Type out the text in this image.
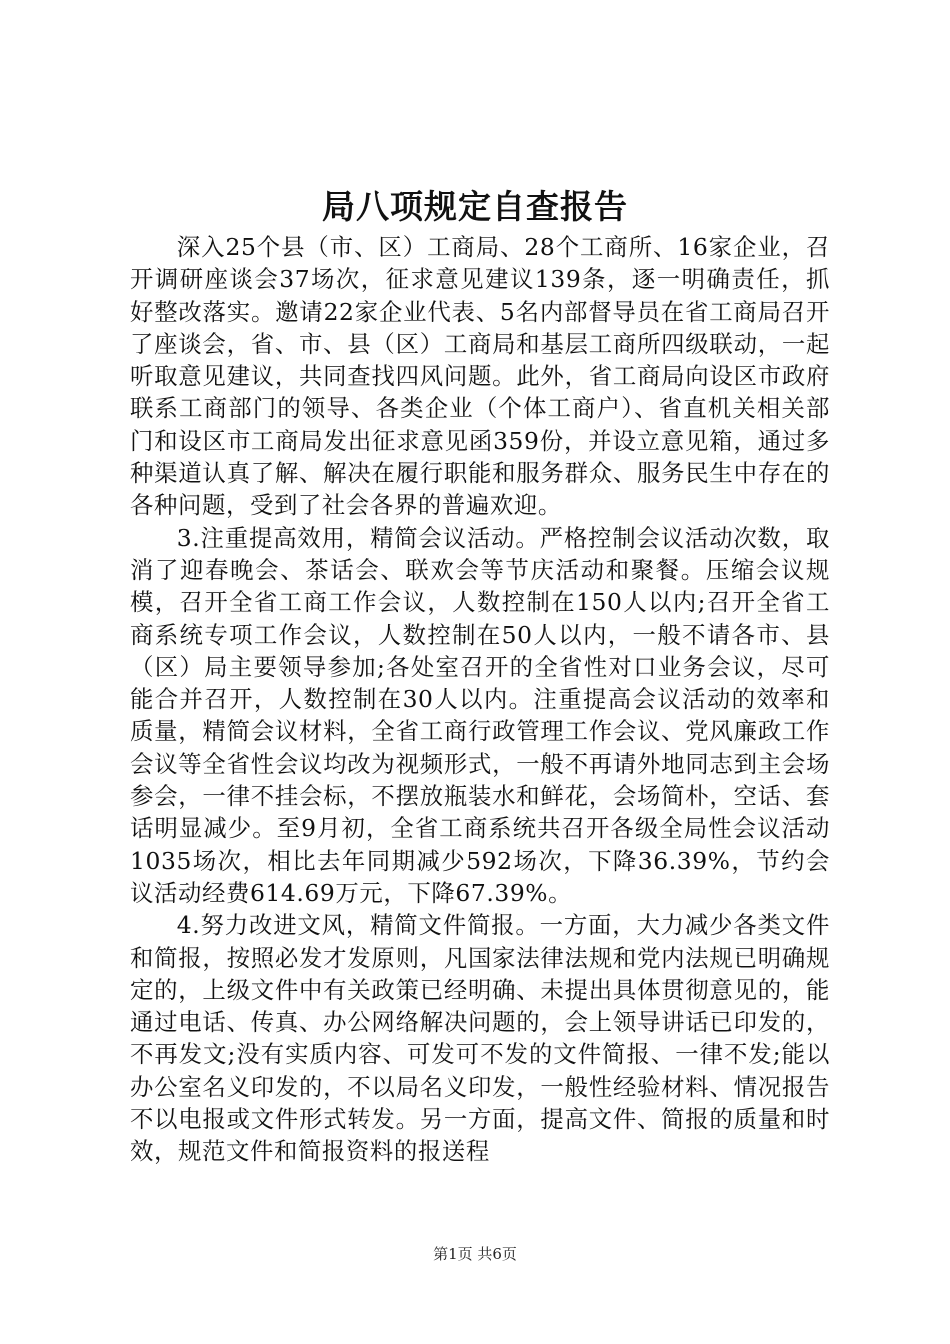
局八项规定自查报告

深入25个县（市、区）工商局、28个工商所、16家企业，召开调研座谈会37场次，征求意见建议139条，逐一明确责任，抓好整改落实。邀请22家企业代表、5名内部督导员在省工商局召开了座谈会，省、市、县（区）工商局和基层工商所四级联动，一起听取意见建议，共同查找四风问题。此外，省工商局向设区市政府联系工商部门的领导、各类企业（个体工商户）、省直机关相关部门和设区市工商局发出征求意见函359份，并设立意见箱，通过多种渠道认真了解、解决在履行职能和服务群众、服务民生中存在的各种问题，受到了社会各界的普遍欢迎。

3.注重提高效用，精简会议活动。严格控制会议活动次数，取消了迎春晚会、茶话会、联欢会等节庆活动和聚餐。压缩会议规模，召开全省工商工作会议，人数控制在150人以内;召开全省工商系统专项工作会议，人数控制在50人以内，一般不请各市、县（区）局主要领导参加;各处室召开的全省性对口业务会议，尽可能合并召开，人数控制在30人以内。注重提高会议活动的效率和质量，精简会议材料，全省工商行政管理工作会议、党风廉政工作会议等全省性会议均改为视频形式，一般不再请外地同志到主会场参会，一律不挂会标，不摆放瓶装水和鲜花，会场简朴，空话、套话明显减少。至9月初，全省工商系统共召开各级全局性会议活动1035场次，相比去年同期减少592场次，下降36.39%，节约会议活动经费614.69万元，下降67.39%。

4.努力改进文风，精简文件简报。一方面，大力减少各类文件和简报，按照必发才发原则，凡国家法律法规和党内法规已明确规定的，上级文件中有关政策已经明确、未提出具体贯彻意见的，能通过电话、传真、办公网络解决问题的，会上领导讲话已印发的，不再发文;没有实质内容、可发可不发的文件简报、一律不发;能以办公室名义印发的，不以局名义印发，一般性经验材料、情况报告不以电报或文件形式转发。另一方面，提高文件、简报的质量和时效，规范文件和简报资料的报送程

第1页 共6页
